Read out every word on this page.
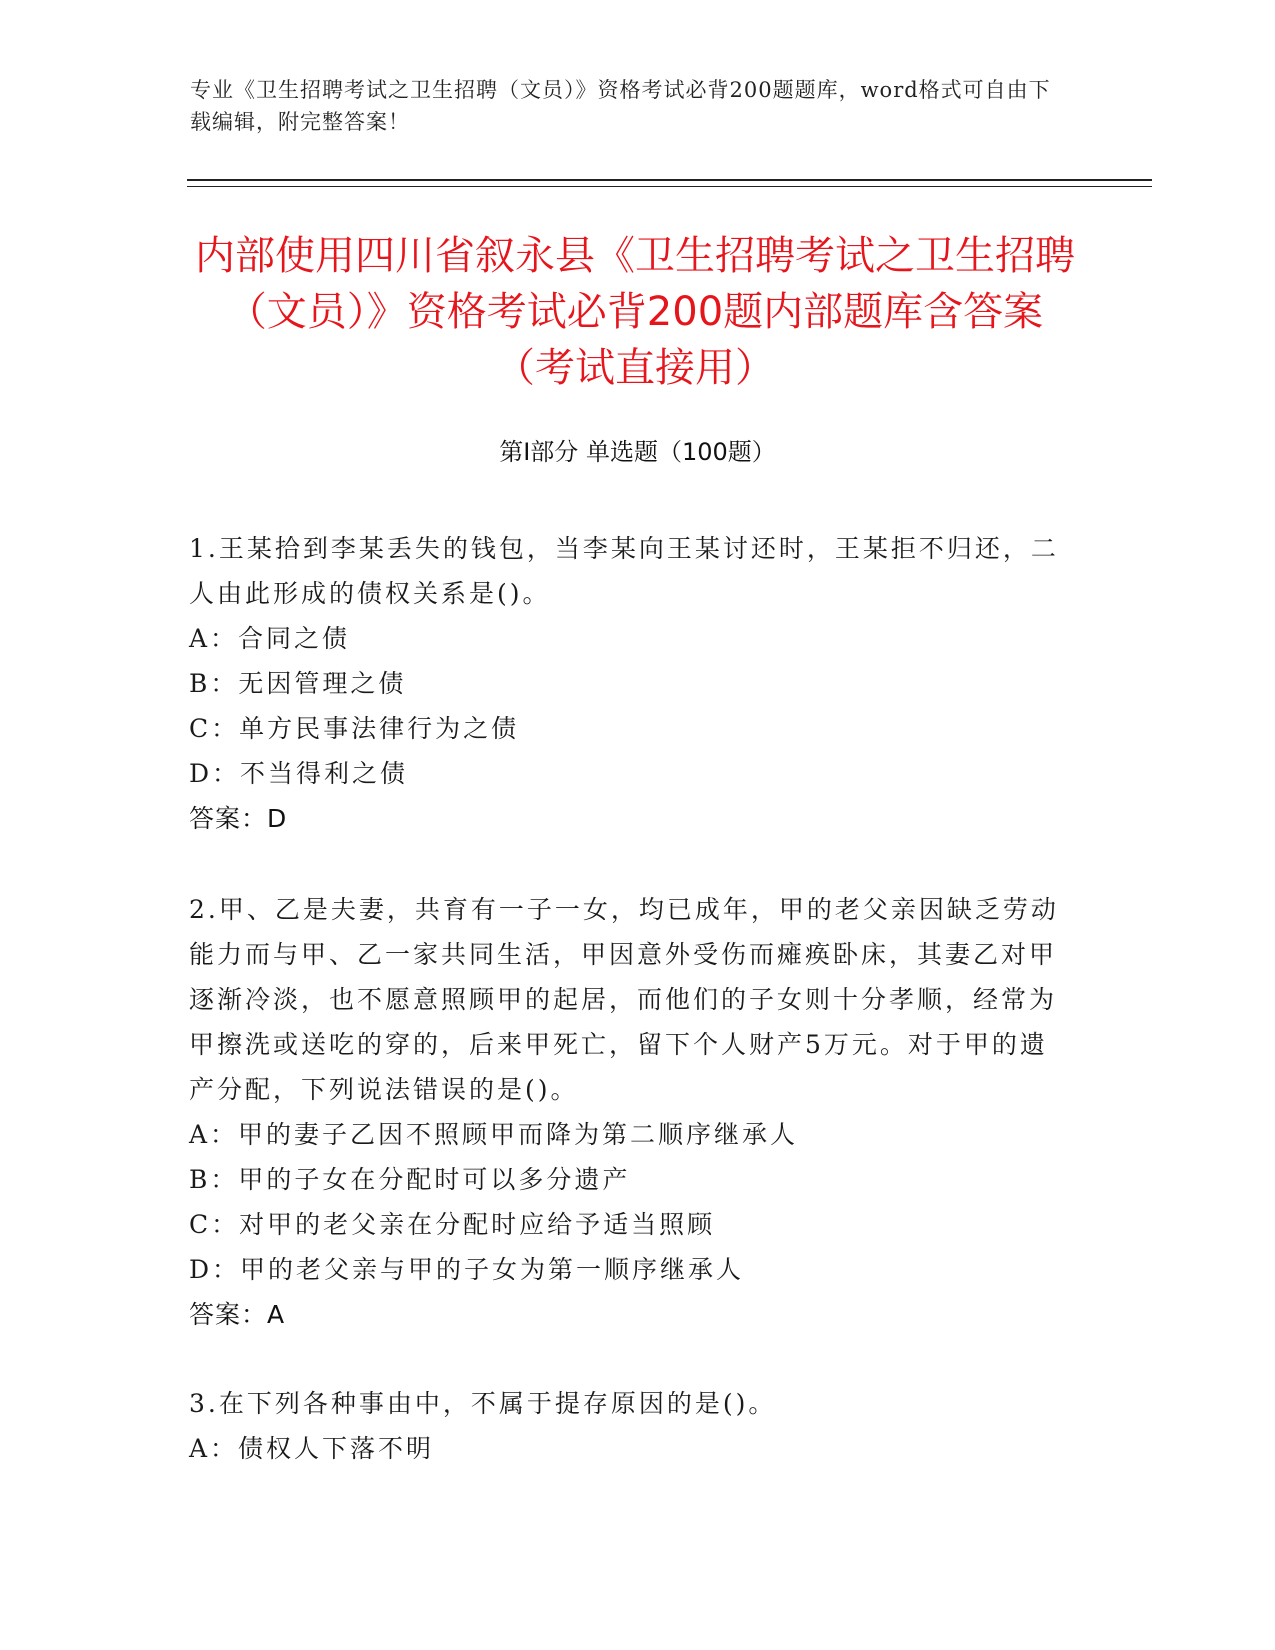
专业《卫生招聘考试之卫生招聘（文员）》资格考试必背200题题库，word格式可自由下载编辑，附完整答案！
内部使用四川省叙永县《卫生招聘考试之卫生招聘（文员）》资格考试必背200题内部题库含答案（考试直接用）
第I部分 单选题（100题）
1.王某拾到李某丢失的钱包，当李某向王某讨还时，王某拒不归还，二人由此形成的债权关系是()。
A：合同之债
B：无因管理之债
C：单方民事法律行为之债
D：不当得利之债
答案：D
2.甲、乙是夫妻，共育有一子一女，均已成年，甲的老父亲因缺乏劳动能力而与甲、乙一家共同生活，甲因意外受伤而瘫痪卧床，其妻乙对甲逐渐冷淡，也不愿意照顾甲的起居，而他们的子女则十分孝顺，经常为甲擦洗或送吃的穿的，后来甲死亡，留下个人财产5万元。对于甲的遗产分配，下列说法错误的是()。
A：甲的妻子乙因不照顾甲而降为第二顺序继承人
B：甲的子女在分配时可以多分遗产
C：对甲的老父亲在分配时应给予适当照顾
D：甲的老父亲与甲的子女为第一顺序继承人
答案：A
3.在下列各种事由中，不属于提存原因的是()。
A：债权人下落不明
